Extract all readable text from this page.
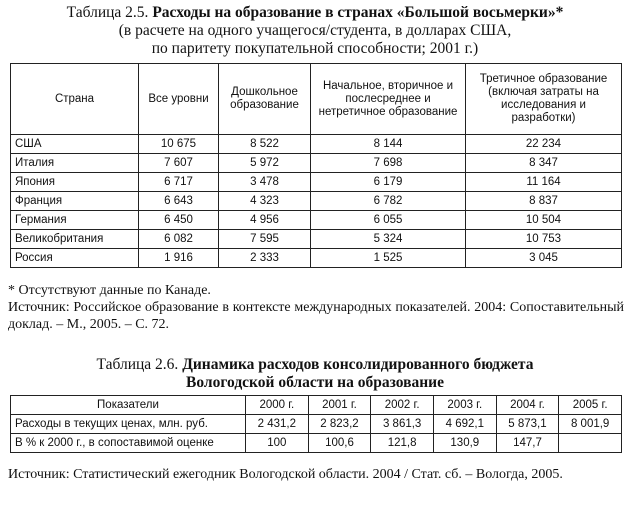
Таблица 2.5. Расходы на образование в странах «Большой восьмерки»*
(в расчете на одного учащегося/студента, в долларах США,
по паритету покупательной способности; 2001 г.)
Страна	Все уровни	Дошкольное образование	Начальное, вторичное и послесреднее и нетретичное образование	Третичное образование (включая затраты на исследования и разработки)
США	10 675	8 522	8 144	22 234
Италия	7 607	5 972	7 698	8 347
Япония	6 717	3 478	6 179	11 164
Франция	6 643	4 323	6 782	8 837
Германия	6 450	4 956	6 055	10 504
Великобритания	6 082	7 595	5 324	10 753
Россия	1 916	2 333	1 525	3 045
* Отсутствуют данные по Канаде.
Источник: Российское образование в контексте международных показателей. 2004: Сопоставительный доклад. – М., 2005. – С. 72.
Таблица 2.6. Динамика расходов консолидированного бюджета
Вологодской области на образование
Показатели	2000 г.	2001 г.	2002 г.	2003 г.	2004 г.	2005 г.
Расходы в текущих ценах, млн. руб.	2 431,2	2 823,2	3 861,3	4 692,1	5 873,1	8 001,9
В % к 2000 г., в сопоставимой оценке	100	100,6	121,8	130,9	147,7	
Источник: Статистический ежегодник Вологодской области. 2004 / Стат. сб. – Вологда, 2005.
